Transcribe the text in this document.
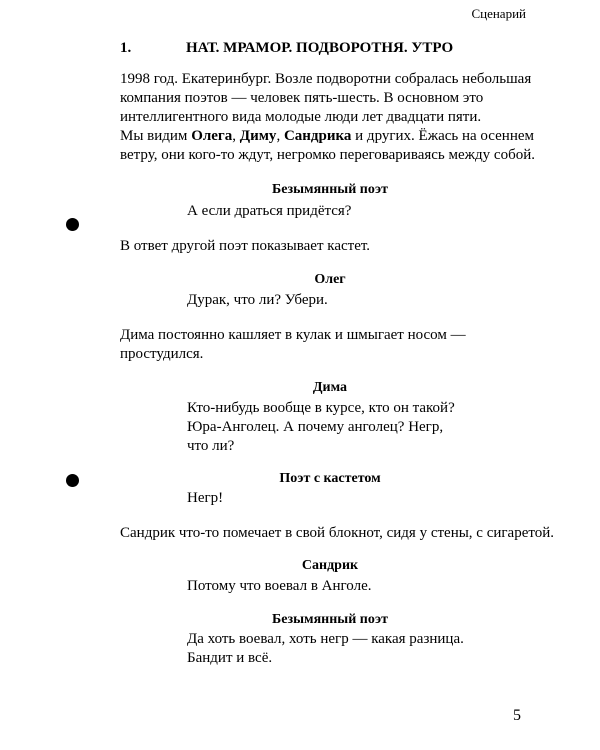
Сценарий
1.	НАТ. МРАМОР. ПОДВОРОТНЯ. УТРО
1998 год. Екатеринбург. Возле подворотни собралась небольшая
компания поэтов — человек пять-шесть. В основном это
интеллигентного вида молодые люди лет двадцати пяти.
Мы видим Олега, Диму, Сандрика и других. Ёжась на осеннем
ветру, они кого-то ждут, негромко переговариваясь между собой.
Безымянный поэт
А если драться придётся?
В ответ другой поэт показывает кастет.
Олег
Дурак, что ли? Убери.
Дима постоянно кашляет в кулак и шмыгает носом —
простудился.
Дима
Кто-нибудь вообще в курсе, кто он такой?
Юра-Анголец. А почему анголец? Негр,
что ли?
Поэт с кастетом
Негр!
Сандрик что-то помечает в свой блокнот, сидя у стены, с сигаретой.
Сандрик
Потому что воевал в Анголе.
Безымянный поэт
Да хоть воевал, хоть негр — какая разница.
Бандит и всё.
5
